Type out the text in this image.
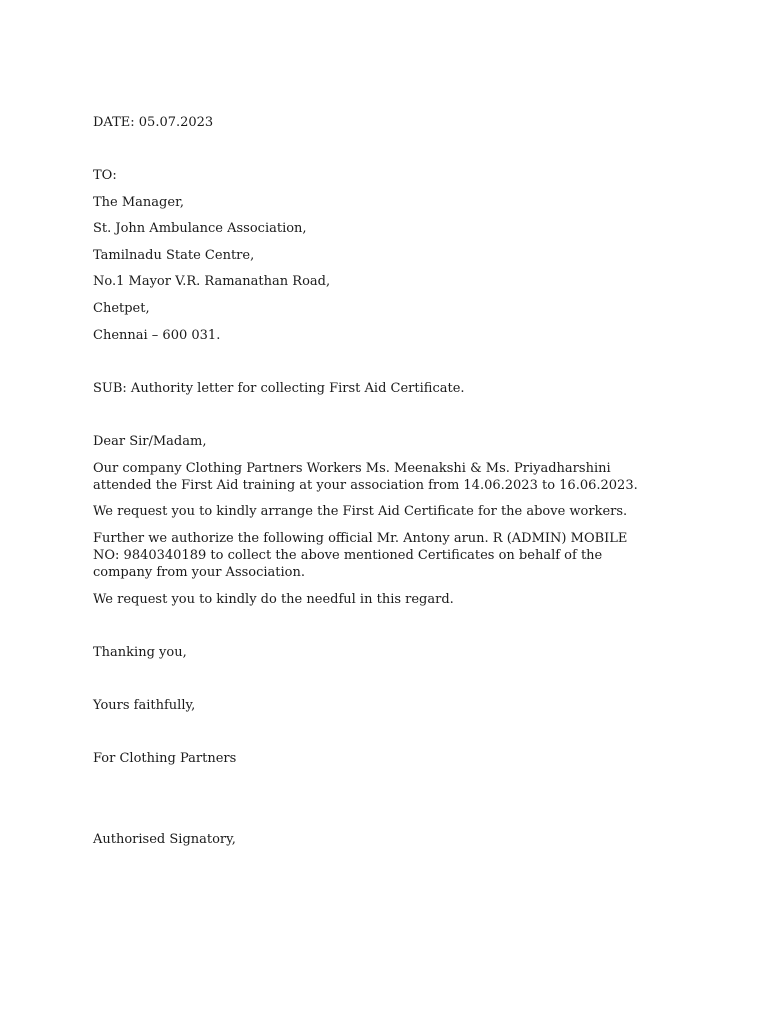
DATE: 05.07.2023
TO:
The Manager,
St. John Ambulance Association,
Tamilnadu State Centre,
No.1 Mayor V.R. Ramanathan Road,
Chetpet,
Chennai – 600 031.
SUB: Authority letter for collecting First Aid Certificate.
Dear Sir/Madam,
Our company Clothing Partners Workers Ms. Meenakshi & Ms. Priyadharshini
attended the First Aid training at your association from 14.06.2023 to 16.06.2023.
We request you to kindly arrange the First Aid Certificate for the above workers.
Further we authorize the following official Mr. Antony arun. R (ADMIN) MOBILE
NO: 9840340189 to collect the above mentioned Certificates on behalf of the
company from your Association.
We request you to kindly do the needful in this regard.
Thanking you,
Yours faithfully,
For Clothing Partners
Authorised Signatory,
